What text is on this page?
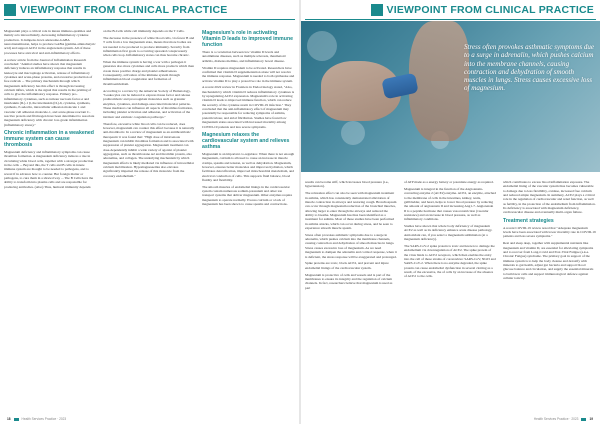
VIEWPOINT FROM CLINICAL PRACTICE

Magnesium plays a critical role in innate immuno-qualities and mainly acts intracellularly, decreasing inflammatory cytokine production. It dampens down adenosine-GABA neurotransmission, helps to produce GABA (gamma-aminobutyric acid) and support ACE2 in the angiotensin system. All of these processes have anti-viral and anti-inflammatory effects.

A review article from the Journal of Inflammation Research concluded: "Animal studies have shown that magnesium deficiency induces an inflammatory response that results in leukocyte and macrophage activation, release of inflammatory cytokines and acute-phase proteins, and excessive production of free radicals ... The primary mechanism through which magnesium deficiency has this effect is through increasing calcium influx, which is the signal that results in the priming of cells to give the inflammatory response. Primary pro-inflammatory cytokines, such as tumour necrosis factor-α and interleukin (IL)-1 β, the interleukin (IL)-6, cytokine, synthesis, synthesis, E-selectin, intracellular adhesion molecule 1 and vascular cell adhesion molecule-1, and acute-phase reactant C-reactive protein and fibrinogen have been determined to associate magnesium deficiency with chronic low-grade inflammation (inflammatory stress)."

Chronic inflammation in a weakened immune system can cause thrombosis

Magnesium deficiency and inflammatory symptoms can cause thrombus formation. A magnesium deficiency induces a rise in circulating white blood cells, together with a stronger production in the cells ... Beyond this, the T cells and B cells in innate immune system are thought to be needed to pathogens, and to reveal if in advance how to counter. But foreign matter or pathogens, to cure them in a shrewd way ... The B Cells have the ability to transform into plasma cells and are responsible for producing antibodies. (Also) Thus, humoral immunity depends

on the B-Cells while cell immunity depends on the T Cells.

The decrease in the presence of white blood cells, via fewer B and T cells from a low magnesium state, means that more bodies are not needed to be produced to produce immunity. Severity from inflammation first goals to occurring spreaded conspicuously when cells loop. Inflammatory states can thus become chronic.

When the immune system is having a war with a pathogen it generates also more cytokines and cells more products which then create more positive charge and platelet adhesiveness. Consequently, activation of the immune system through inflammation blood coagulation and formation of thromboembolism.

According to a review by the American Society of Hematology, "Leukocytes can be induced to express tissue factor and release prothrombotic and procoagulant molecules such as granular enzymes, cytokines, and damage-associated molecular patterns. These mediators can influence all aspects of thrombus formation, including platelet activation and adhesion, and activation of the intrinsic and extrinsic coagulation pathways."

Therefore, excessive white blood cells can be reduced, does however, magnesium can counter this effect because it is naturally anti-thrombotic. In a review of magnesium as an antithrombotic therapeutic it was found that: "High dose of intravenous magnesium can inhibit thrombus formation and is associated with suppression of platelet aggregation. Magnesium treatment can dose-dependently inhibit a wide variety of agonist of platelet aggregation, such as thromboxane A2 and thrombin protein, also adrenaline, and collagen. The underlying mechanism by which magnesium affects is likely mediated via influence of intracellular calcium mobilisation. Hypomagnesaemia also elevates significantly impaired the release of this molecule from the coronary endothelium."

Magnesium's role in activating Vitamin D leads to improved immune function

There is a correlation between low vitamin D levels and autoimmune diseases, such as multiple sclerosis, rheumatoid arthritis, diabetes mellitus, and inflammatory bowel disease.

Vitamin D requires magnesium to be activated. Researchers have confirmed that vitamin D supplementation alone will not resolve the immune response. Magnesium is needed to both synthesise and activate vitamin D to play a protective role in the immune system.

A recent 2022 review in Frontiers in Endocrinology stated, "Also, mechanism by which vitamin D reduces inflammatory cytokines is by upregulating ACE2 expression. Magnesium's role in activating vitamin D leads to improved immune function, which can reduce the severity of the cytokine storm in COVID-19 infection." They concluded that the anti-inflammatory effect of magnesium may potentially be responsible for reducing symptoms of asthma, preterm labour, and atrial fibrillation. Studies have found low magnesium status associated with increased mortality among COVID-19 patients and less severe symptoms.

Magnesium relaxes the cardiovascular system and relieves asthma

Magnesium is an important co-regulator. When there is not enough magnesium, calcium is allowed to cause an increase in muscle cramps, spasms and tension, as well as dehydration. Magnesium, however, ensures better molecules and improves hydration, which facilitates detoxification, improved mitochondrial metabolism, and electrical conduction of cells. This supports fluid balance, blood fluidity and flexibility.

The smooth muscles of endothelial linings in the cardiovascular system contain numerous sodium-potassium and other ion transport systems that deliver magnesium. Other enzymes require magnesium to operate normally. Excess calcium or a lack of magnesium has been shown to cause spasms and contractions.

18	Health Services Practice · 2023
VIEWPOINT FROM CLINICAL PRACTICE
Stress often provokes asthmatic symptoms due to a surge in adrenalin, which pushes calcium into the membrane channels, causing contraction and dehydration of smooth muscles in lungs. Stress causes excessive loss of magnesium.

results can become stiff, which increases blood pressure (i.e., hypertension).

The relaxation effect can also be seen with magnesium treatment in asthma, which has consistently demonstrated alleviation of muscle contraction in airways and restoring cough. Bronchospasm can occur through magnesium reduction of the bronchial muscles, allowing larger to enter through the airways and reduced the ability to breathe. Magnesium has thus been identified as a treatment for asthma. Most of these studies have been performed in asthma attacks, which can occur during stress, and be seen to experience smooth muscle spasm.

Stress often provokes asthmatic symptoms due to a surge in adrenalin, which pushes calcium into the membrane channels, causing contraction and dehydration of smooth muscles in lungs. Stress causes excessive loss of magnesium. As we need magnesium to dampen the adrenalin and cortisol response, when it is deficient, the stress response will be exaggerated and prolonged.

Spike proteins are toxic, block ACE2, and prevent and injure endothelial linings of the cardiovascular system.

Magnesium is protective of cells and vessels and is part of the membranes to ensure its integrity and the regulation of calcium channels. In fact, researchers believe that magnesium is used as part

of ATP made as a energy battery or potentiate energy as required.

Magnesium is integral in the function of the Angiotensin-converting enzyme 2 (ACE2) enzyme. ACE2, an enzyme, attached to the membrane of cells in the intestines, kidney, testis, gallbladder, and heart, helps to lower blood pressure by reducing the amount of angiotensin II and increasing Ang1-7. Angiotensin II is a peptide hormone that causes vasoconstriction (vascular resistance) and an increase in blood pressure, as well as inflammatory conditions.

Studies have shown that whole body deficiency of magnesium ACE2 as well as its deficiency enhance acute disease pathology. Antioxidant can, if you select a magnesium sublimation (at a magnesium deficiency).

The SARS-CoV-2 spike protein is toxic and known to damage the endothelium via downregulation of ACE2. The spike protein of the virus binds to ACE2 receptors, which then enables the entry into the cell of these strains of coronavirus: SARS-CoV, NL63 and SARS-CoV-2. When there is no enzyme degraded, the spike protein can cause endothelial dysfunction in several clotting as a result, of the excessive, the of cells by an increase of the absence of ACE2 to the cells.

which contributes to excess blood inflammation exposure. The endothelial lining of the vascular system thus becomes vulnerable to damage due to less flexibility, oxidase, increased free calcium and reduced ample magnesium. In summary, ACE2 plays a critical role in the regulation of cardiovascular and renal function, as well as fertility, in the protection of the endothelium from inflammation. Its deficiency is associated with magnesium deficiency, cardiovascular disease and eventually multi-organ failure.

Treatment strategies

A recent COVID-19 review noted that "Adequate magnesium levels have been associated with lower mortality rate in COVID-19 patients and less severe symptoms."

Rest and sleep deep, together with supplemental nutrients like magnesium and vitamin D, are essential for alleviating symptoms and to recover from Long-Covid and Post-Viral Fatigue (a.k.a. Chronic Fatigue) syndrome. The primary goal in support of the immune system is to help the body cleanse and detoxify with minerals to gut health, adjust gut bacteria and support blood glucose balance and circulation, and supply the essential minerals to build new cells and support immunological defence against cellular toxicity.

Health Services Practice · 2023	19
